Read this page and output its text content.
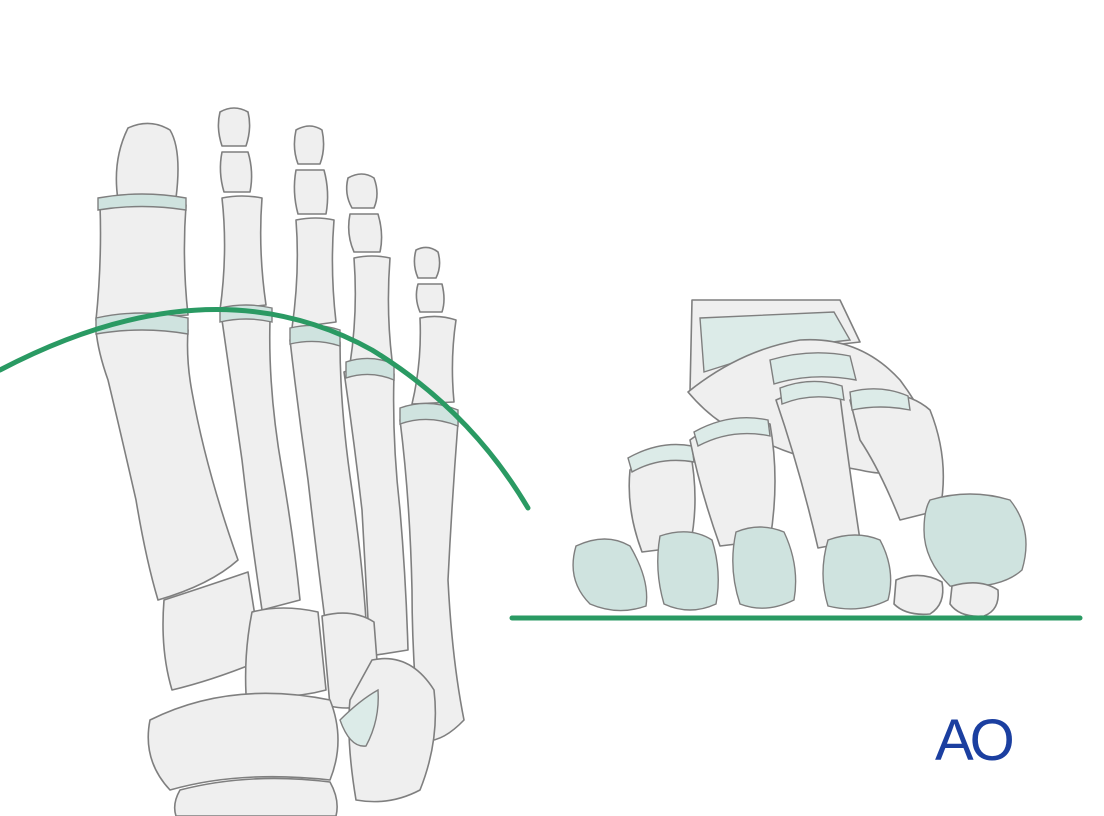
AO
